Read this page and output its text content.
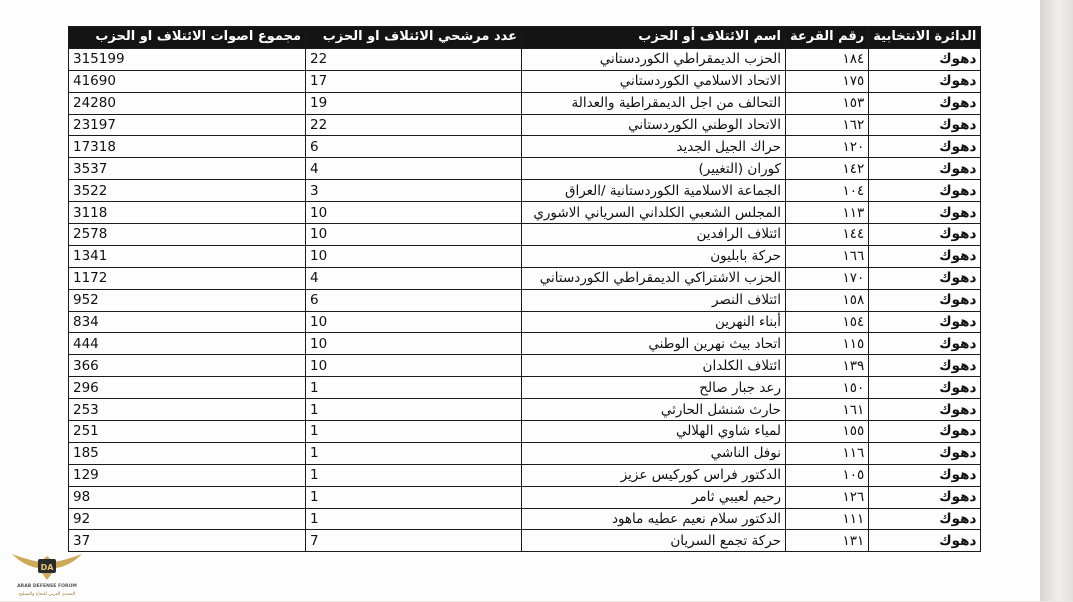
الدائرة الانتخابية	رقم القرعة	اسم الائتلاف أو الحزب	عدد مرشحي الائتلاف او الحزب	مجموع اصوات الائتلاف او الحزب
دهوك	١٨٤	الحزب الديمقراطي الكوردستاني	22	315199
دهوك	١٧٥	الاتحاد الاسلامي الكوردستاني	17	41690
دهوك	١٥٣	التحالف من اجل الديمقراطية والعدالة	19	24280
دهوك	١٦٢	الاتحاد الوطني الكوردستاني	22	23197
دهوك	١٢٠	حراك الجيل الجديد	6	17318
دهوك	١٤٢	كوران (التغيير)	4	3537
دهوك	١٠٤	الجماعة الاسلامية الكوردستانية /العراق	3	3522
دهوك	١١٣	المجلس الشعبي الكلداني السرياني الاشوري	10	3118
دهوك	١٤٤	ائتلاف الرافدين	10	2578
دهوك	١٦٦	حركة بابليون	10	1341
دهوك	١٧٠	الحزب الاشتراكي الديمقراطي الكوردستاني	4	1172
دهوك	١٥٨	ائتلاف النصر	6	952
دهوك	١٥٤	أبناء النهرين	10	834
دهوك	١١٥	اتحاد بيث نهرين الوطني	10	444
دهوك	١٣٩	ائتلاف الكلدان	10	366
دهوك	١٥٠	رعد جبار صالح	1	296
دهوك	١٦١	حارث شنشل الحارثي	1	253
دهوك	١٥٥	لمياء شاوي الهلالي	1	251
دهوك	١١٦	نوفل الناشي	1	185
دهوك	١٠٥	الدكتور فراس كوركيس عزيز	1	129
دهوك	١٢٦	رحيم لعيبي ثامر	1	98
دهوك	١١١	الدكتور سلام نعيم عطيه ماهود	1	92
دهوك	١٣١	حركة تجمع السريان	7	37
DA
ARAB DEFENSE FORUM
المنتدى العربي للدفاع والتسليح
